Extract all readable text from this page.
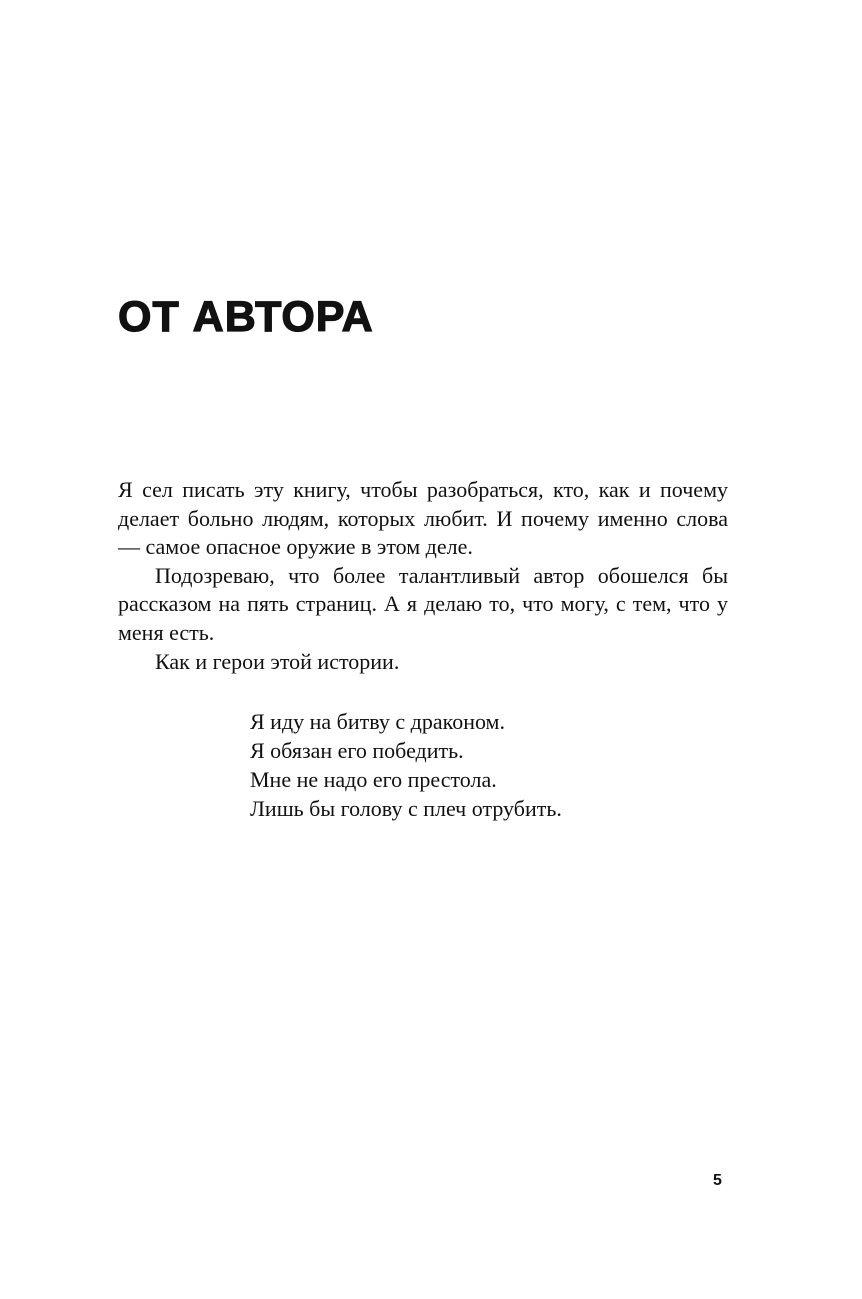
ОТ АВТОРА

Я сел писать эту книгу, чтобы разобраться, кто, как и почему делает больно людям, которых любит. И почему именно слова — самое опасное оружие в этом деле.

Подозреваю, что более талантливый автор обошелся бы рассказом на пять страниц. А я делаю то, что могу, с тем, что у меня есть.

Как и герои этой истории.

Я иду на битву с драконом.
Я обязан его победить.
Мне не надо его престола.
Лишь бы голову с плеч отрубить.
5
